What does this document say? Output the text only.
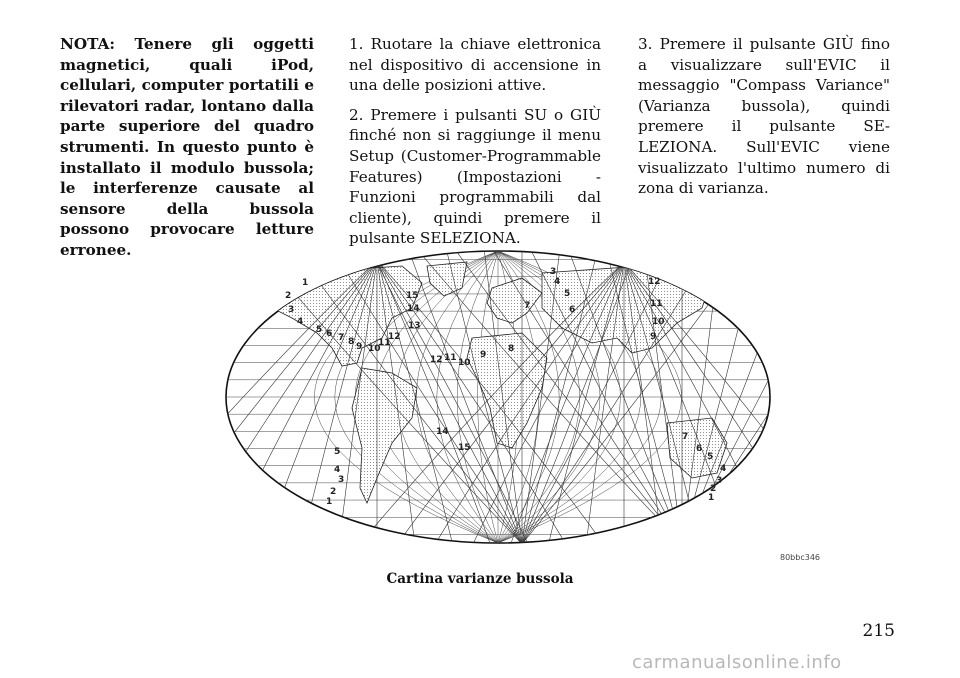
NOTA: Tenere gli oggetti magnetici, quali iPod, cellulari, computer portatili e rilevatori radar, lontano dalla parte superiore del quadro strumenti. In questo punto è installato il modulo bussola; le interferenze causate al sensore della bussola possono provocare letture erronee.

1. Ruotare la chiave elettronica nel dispositivo di accensione in una delle posizioni attive.

2. Premere i pulsanti SU o GIÙ finché non si raggiunge il menu Setup (Customer-Programmable Features) (Impostazioni - Funzioni programmabili dal cliente), quindi premere il pulsante SELEZIONA.

3. Premere il pulsante GIÙ fino a visualizzare sull'EVIC il messaggio "Compass Variance" (Varianza bussola), quindi premere il pulsante SELEZIONA. Sull'EVIC viene visualizzato l'ultimo numero di zona di varianza.

1
2
3
4
5 6 7 8 9 10
11
12
13
14
15
12 11 10
9
8
7	6
5
4
3
12
11
10
9
14
15
5
4
3
2
1
7
6
5
4
3
2
1
80bbc346
Cartina varianze bussola
215
carmanualsonline.info
